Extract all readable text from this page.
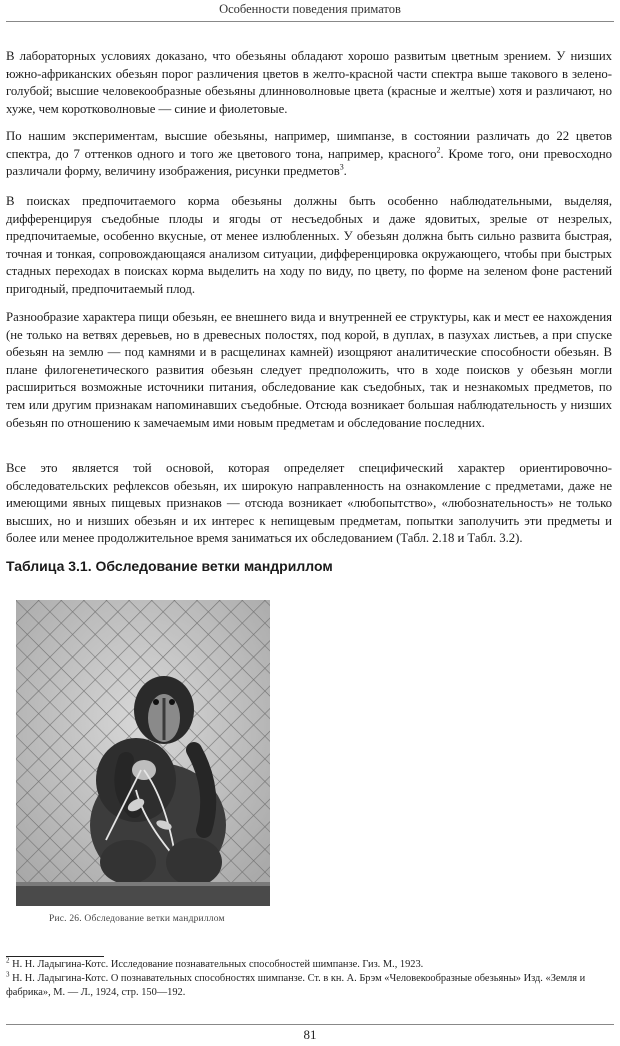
Особенности поведения приматов

В лабораторных условиях доказано, что обезьяны обладают хорошо развитым цветным зрением. У низших южно-африканских обезьян порог различения цветов в желто-красной части спектра выше такового в зелено-голубой; высшие человекообразные обезьяны длинноволновые цвета (красные и желтые) хотя и различают, но хуже, чем коротковолновые — синие и фиолетовые.

По нашим экспериментам, высшие обезьяны, например, шимпанзе, в состоянии различать до 22 цветов спектра, до 7 оттенков одного и того же цветового тона, например, красного$^2$. Кроме того, они превосходно различали форму, величину изображения, рисунки предметов$^3$.

В поисках предпочитаемого корма обезьяны должны быть особенно наблюдательными, выделяя, дифференцируя съедобные плоды и ягоды от несъедобных и даже ядовитых, зрелые от незрелых, предпочитаемые, особенно вкусные, от менее излюбленных. У обезьян должна быть сильно развита быстрая, точная и тонкая, сопровождающаяся анализом ситуации, дифференцировка окружающего, чтобы при быстрых стадных переходах в поисках корма выделить на ходу по виду, по цвету, по форме на зеленом фоне растений пригодный, предпочитаемый плод.

Разнообразие характера пищи обезьян, ее внешнего вида и внутренней ее структуры, как и мест ее нахождения (не только на ветвях деревьев, но в древесных полостях, под корой, в дуплах, в пазухах листьев, а при спуске обезьян на землю — под камнями и в расщелинах камней) изощряют аналитические способности обезьян. В плане филогенетического развития обезьян следует предположить, что в ходе поисков у обезьян могли расшириться возможные источники питания, обследование как съедобных, так и незнакомых предметов, по тем или другим признакам напоминавших съедобные. Отсюда возникает большая наблюдательность у низших обезьян по отношению к замечаемым ими новым предметам и обследование последних.

Все это является той основой, которая определяет специфический характер ориентировочно-обследовательских рефлексов обезьян, их широкую направленность на ознакомление с предметами, даже не имеющими явных пищевых признаков — отсюда возникает «любопытство», «любознательность» не только высших, но и низших обезьян и их интерес к непищевым предметам, попытки заполучить эти предметы и более или менее продолжительное время заниматься их обследованием (Табл. 2.18 и Табл. 3.2).

Таблица 3.1. Обследование ветки мандриллом
Рис. 26. Обследование ветки мандриллом

$^2$ Н. Н. Ладыгина-Котс. Исследование познавательных способностей шимпанзе. Гиз. М., 1923.

$^3$ Н. Н. Ладыгина-Котс. О познавательных способностях шимпанзе. Ст. в кн. А. Брэм «Человекообразные обезьяны» Изд. «Земля и фабрика», М. — Л., 1924, стр. 150—192.

81
